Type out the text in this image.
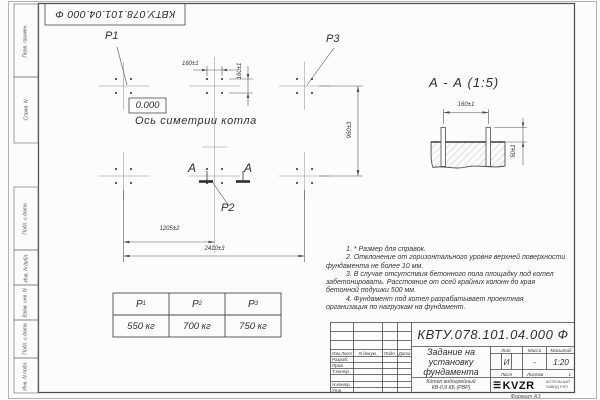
Перв. примен.
Справ. N
Подп. и дата
Инв. N дубл.
Взам. инв. N
Подп. и дата
Инв. N подл.
КВТУ.078.101.04.000 Ф
P1	P3
P2
0.000
Ось симетрии котла
А	А
160±1	160±1
960±3
1205±2
2410±3
А - А (1:5)
160±1
50±1

1. * Размер для справок.

2. Отклонение от горизонтального уровня верхней поверхности фундамента не более 10 мм.

3. В случае отсутствия бетонного пола площадку под котел забетонировать. Расстояние от осей крайних колонн до края бетонной подушки 500 мм.

4. Фундамент под котел разрабатывает проектная организация по нагрузкам на фундамент.

P 1	P 2	P 3
550 кг	700 кг	750 кг
КВТУ.078.101.04.000 Ф
Изм.Лист	N докум.	Подп. Дата
Разраб.
Пров.
Т.контр.
Н.контр.
Утв.
Задание на
установку
фундамента
Котел водогрейный
КВ-0,9 КБ (РВР)
Лит.	Масса	Масштаб
И	-	1:20
Лист	Листов	1
☰ KVZR	КОТЕЛЬНЫЙ
ЗАВОД РЭП
Формат А3
